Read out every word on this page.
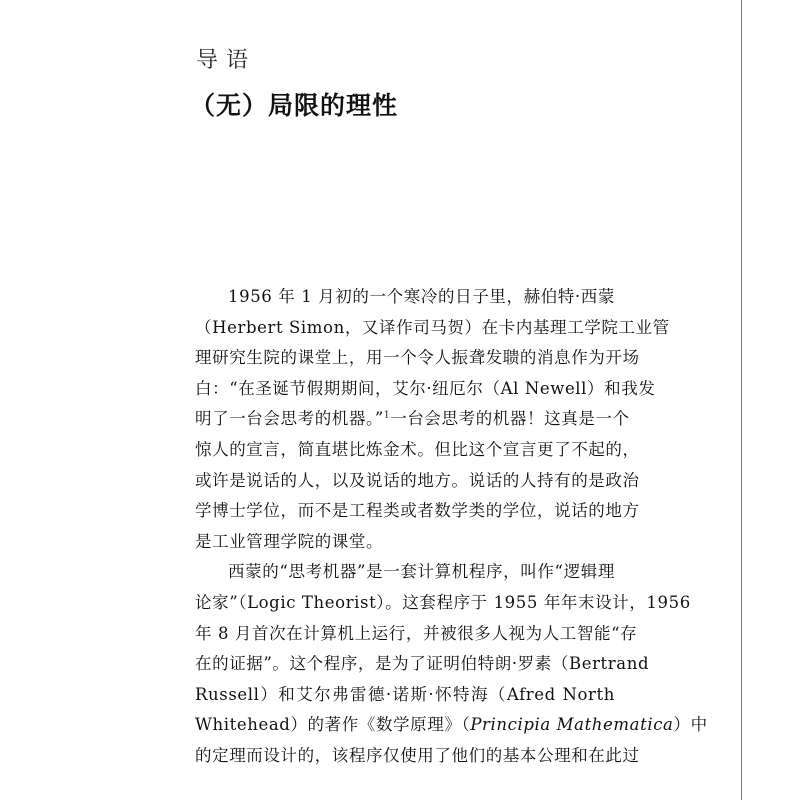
导语
（无）局限的理性
1956 年 1 月初的一个寒冷的日子里，赫伯特·西蒙
（Herbert Simon，又译作司马贺）在卡内基理工学院工业管
理研究生院的课堂上，用一个令人振聋发聩的消息作为开场
白：“在圣诞节假期期间，艾尔·纽厄尔（Al Newell）和我发
明了一台会思考的机器。”$^1$一台会思考的机器！这真是一个
惊人的宣言，简直堪比炼金术。但比这个宣言更了不起的，
或许是说话的人，以及说话的地方。说话的人持有的是政治
学博士学位，而不是工程类或者数学类的学位，说话的地方
是工业管理学院的课堂。
西蒙的“思考机器”是一套计算机程序，叫作“逻辑理
论家”（Logic Theorist）。这套程序于 1955 年年末设计，1956
年 8 月首次在计算机上运行，并被很多人视为人工智能“存
在的证据”。这个程序，是为了证明伯特朗·罗素（Bertrand
Russell）和艾尔弗雷德·诺斯·怀特海（Afred North
Whitehead）的著作《数学原理》（Principia Mathematica）中
的定理而设计的，该程序仅使用了他们的基本公理和在此过
